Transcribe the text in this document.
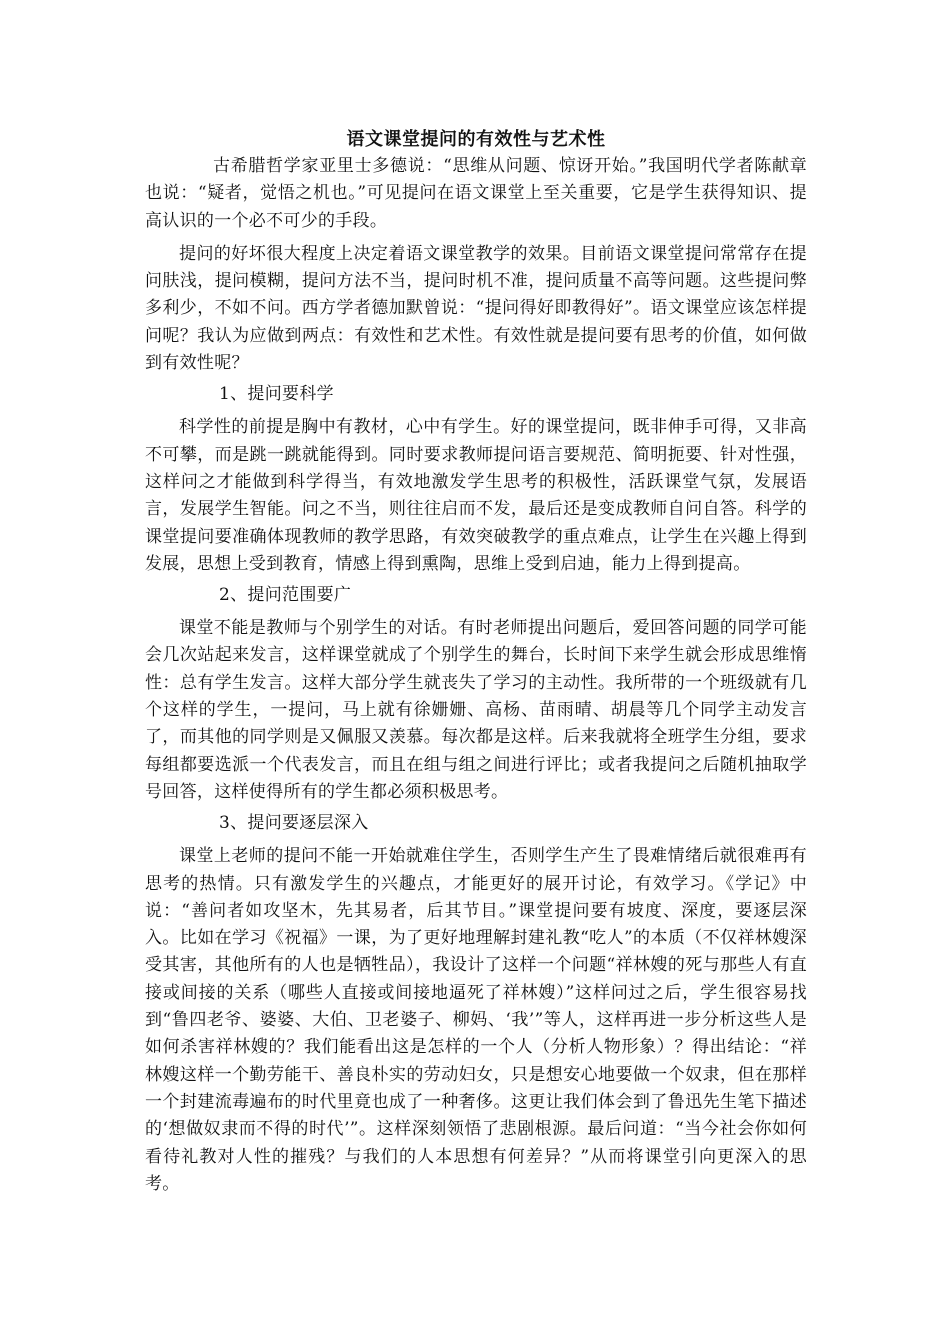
语文课堂提问的有效性与艺术性

古希腊哲学家亚里士多德说：“思维从问题、惊讶开始。”我国明代学者陈献章也说：“疑者，觉悟之机也。”可见提问在语文课堂上至关重要，它是学生获得知识、提高认识的一个必不可少的手段。

提问的好坏很大程度上决定着语文课堂教学的效果。目前语文课堂提问常常存在提问肤浅，提问模糊，提问方法不当，提问时机不准，提问质量不高等问题。这些提问弊多利少，不如不问。西方学者德加默曾说：“提问得好即教得好”。语文课堂应该怎样提问呢？我认为应做到两点：有效性和艺术性。有效性就是提问要有思考的价值，如何做到有效性呢？

1、提问要科学

科学性的前提是胸中有教材，心中有学生。好的课堂提问，既非伸手可得，又非高不可攀，而是跳一跳就能得到。同时要求教师提问语言要规范、简明扼要、针对性强，这样问之才能做到科学得当，有效地激发学生思考的积极性，活跃课堂气氛，发展语言，发展学生智能。问之不当，则往往启而不发，最后还是变成教师自问自答。科学的课堂提问要准确体现教师的教学思路，有效突破教学的重点难点，让学生在兴趣上得到发展，思想上受到教育，情感上得到熏陶，思维上受到启迪，能力上得到提高。

2、提问范围要广

课堂不能是教师与个别学生的对话。有时老师提出问题后，爱回答问题的同学可能会几次站起来发言，这样课堂就成了个别学生的舞台，长时间下来学生就会形成思维惰性：总有学生发言。这样大部分学生就丧失了学习的主动性。我所带的一个班级就有几个这样的学生，一提问，马上就有徐姗姗、高杨、苗雨晴、胡晨等几个同学主动发言了，而其他的同学则是又佩服又羡慕。每次都是这样。后来我就将全班学生分组，要求每组都要选派一个代表发言，而且在组与组之间进行评比；或者我提问之后随机抽取学号回答，这样使得所有的学生都必须积极思考。

3、提问要逐层深入

课堂上老师的提问不能一开始就难住学生，否则学生产生了畏难情绪后就很难再有思考的热情。只有激发学生的兴趣点，才能更好的展开讨论，有效学习。《学记》中说：“善问者如攻坚木，先其易者，后其节目。”课堂提问要有坡度、深度，要逐层深入。比如在学习《祝福》一课，为了更好地理解封建礼教“吃人”的本质（不仅祥林嫂深受其害，其他所有的人也是牺牲品），我设计了这样一个问题“祥林嫂的死与那些人有直接或间接的关系（哪些人直接或间接地逼死了祥林嫂）”这样问过之后，学生很容易找到“鲁四老爷、婆婆、大伯、卫老婆子、柳妈、‘我’”等人，这样再进一步分析这些人是如何杀害祥林嫂的？我们能看出这是怎样的一个人（分析人物形象）？得出结论：“祥林嫂这样一个勤劳能干、善良朴实的劳动妇女，只是想安心地要做一个奴隶，但在那样一个封建流毒遍布的时代里竟也成了一种奢侈。这更让我们体会到了鲁迅先生笔下描述的‘想做奴隶而不得的时代’”。这样深刻领悟了悲剧根源。最后问道：“当今社会你如何看待礼教对人性的摧残？与我们的人本思想有何差异？”从而将课堂引向更深入的思考。
